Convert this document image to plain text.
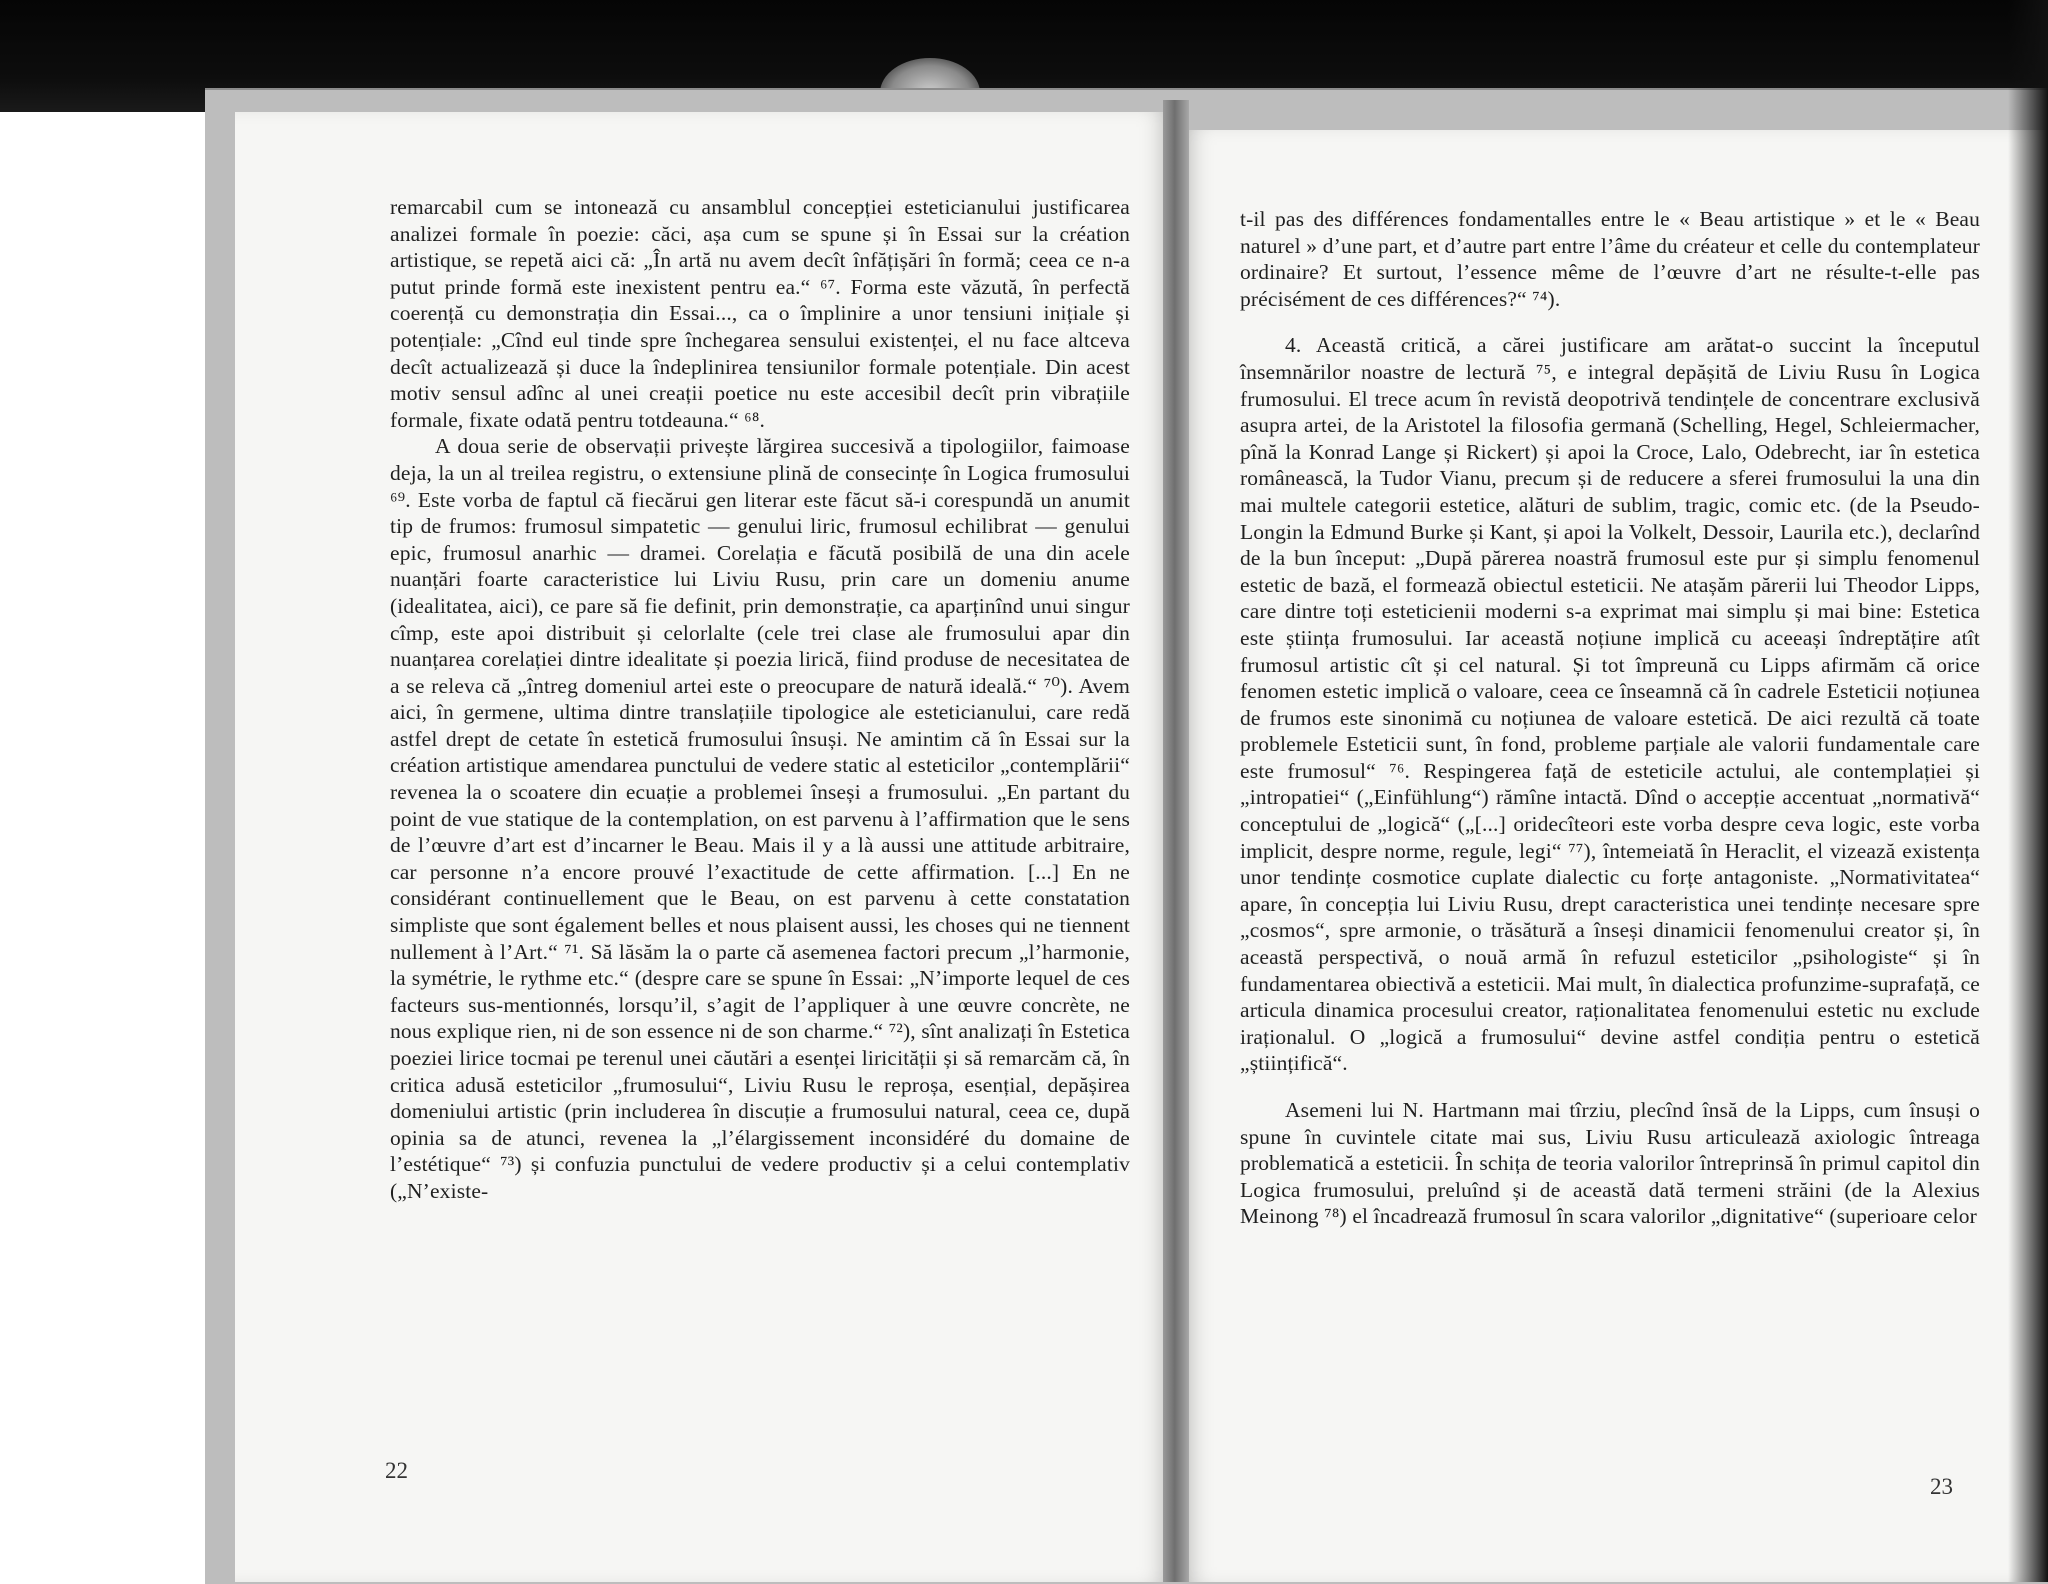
remarcabil cum se intonează cu ansamblul concepției esteticianului justificarea analizei formale în poezie: căci, așa cum se spune și în Essai sur la création artistique, se repetă aici că: „În artă nu avem decît înfățișări în formă; ceea ce n-a putut prinde formă este inexistent pentru ea.“ ⁶⁷. Forma este văzută, în perfectă coerență cu demonstrația din Essai..., ca o împlinire a unor tensiuni inițiale și potențiale: „Cînd eul tinde spre închegarea sensului existenței, el nu face altceva decît actualizează și duce la îndeplinirea tensiunilor formale potențiale. Din acest motiv sensul adînc al unei creații poetice nu este accesibil decît prin vibrațiile formale, fixate odată pentru totdeauna.“ ⁶⁸.

A doua serie de observații privește lărgirea succesivă a tipologiilor, faimoase deja, la un al treilea registru, o extensiune plină de consecințe în Logica frumosului ⁶⁹. Este vorba de faptul că fiecărui gen literar este făcut să-i corespundă un anumit tip de frumos: frumosul simpatetic — genului liric, frumosul echilibrat — genului epic, frumosul anarhic — dramei. Corelația e făcută posibilă de una din acele nuanțări foarte caracteristice lui Liviu Rusu, prin care un domeniu anume (idealitatea, aici), ce pare să fie definit, prin demonstrație, ca aparținînd unui singur cîmp, este apoi distribuit și celorlalte (cele trei clase ale frumosului apar din nuanțarea corelației dintre idealitate și poezia lirică, fiind produse de necesitatea de a se releva că „întreg domeniul artei este o preocupare de natură ideală.“ ⁷⁰). Avem aici, în germene, ultima dintre translațiile tipologice ale esteticianului, care redă astfel drept de cetate în estetică frumosului însuși. Ne amintim că în Essai sur la création artistique amendarea punctului de vedere static al esteticilor „contemplării“ revenea la o scoatere din ecuație a problemei înseși a frumosului. „En partant du point de vue statique de la contemplation, on est parvenu à l’affirmation que le sens de l’œuvre d’art est d’incarner le Beau. Mais il y a là aussi une attitude arbitraire, car personne n’a encore prouvé l’exactitude de cette affirmation. [...] En ne considérant continuellement que le Beau, on est parvenu à cette constatation simpliste que sont également belles et nous plaisent aussi, les choses qui ne tiennent nullement à l’Art.“ ⁷¹. Să lăsăm la o parte că asemenea factori precum „l’harmonie, la symétrie, le rythme etc.“ (despre care se spune în Essai: „N’importe lequel de ces facteurs sus-mentionnés, lorsqu’il, s’agit de l’appliquer à une œuvre concrète, ne nous explique rien, ni de son essence ni de son charme.“ ⁷²), sînt analizați în Estetica poeziei lirice tocmai pe terenul unei căutări a esenței liricității și să remarcăm că, în critica adusă esteticilor „frumosului“, Liviu Rusu le reproșa, esențial, depășirea domeniului artistic (prin includerea în discuție a frumosului natural, ceea ce, după opinia sa de atunci, revenea la „l’élargissement inconsidéré du domaine de l’estétique“ ⁷³) și confuzia punctului de vedere productiv și a celui contemplativ („N’existe-

t-il pas des différences fondamentalles entre le « Beau artistique » et le « Beau naturel » d’une part, et d’autre part entre l’âme du créateur et celle du contemplateur ordinaire? Et surtout, l’essence même de l’œuvre d’art ne résulte-t-elle pas précisément de ces différences?“ ⁷⁴).

4. Această critică, a cărei justificare am arătat-o succint la începutul însemnărilor noastre de lectură ⁷⁵, e integral depășită de Liviu Rusu în Logica frumosului. El trece acum în revistă deopotrivă tendințele de concentrare exclusivă asupra artei, de la Aristotel la filosofia germană (Schelling, Hegel, Schleiermacher, pînă la Konrad Lange și Rickert) și apoi la Croce, Lalo, Odebrecht, iar în estetica românească, la Tudor Vianu, precum și de reducere a sferei frumosului la una din mai multele categorii estetice, alături de sublim, tragic, comic etc. (de la Pseudo-Longin la Edmund Burke și Kant, și apoi la Volkelt, Dessoir, Laurila etc.), declarînd de la bun început: „După părerea noastră frumosul este pur și simplu fenomenul estetic de bază, el formează obiectul esteticii. Ne atașăm părerii lui Theodor Lipps, care dintre toți esteticienii moderni s-a exprimat mai simplu și mai bine: Estetica este știința frumosului. Iar această noțiune implică cu aceeași îndreptățire atît frumosul artistic cît și cel natural. Și tot împreună cu Lipps afirmăm că orice fenomen estetic implică o valoare, ceea ce înseamnă că în cadrele Esteticii noțiunea de frumos este sinonimă cu noțiunea de valoare estetică. De aici rezultă că toate problemele Esteticii sunt, în fond, probleme parțiale ale valorii fundamentale care este frumosul“ ⁷⁶. Respingerea față de esteticile actului, ale contemplației și „intropatiei“ („Einfühlung“) rămîne intactă. Dînd o accepție accentuat „normativă“ conceptului de „logică“ („[...] oridecîteori este vorba despre ceva logic, este vorba implicit, despre norme, regule, legi“ ⁷⁷), întemeiată în Heraclit, el vizează existența unor tendințe cosmotice cuplate dialectic cu forțe antagoniste. „Normativitatea“ apare, în concepția lui Liviu Rusu, drept caracteristica unei tendințe necesare spre „cosmos“, spre armonie, o trăsătură a înseși dinamicii fenomenului creator și, în această perspectivă, o nouă armă în refuzul esteticilor „psihologiste“ și în fundamentarea obiectivă a esteticii. Mai mult, în dialectica profunzime-suprafață, ce articula dinamica procesului creator, raționalitatea fenomenului estetic nu exclude iraționalul. O „logică a frumosului“ devine astfel condiția pentru o estetică „științifică“.

Asemeni lui N. Hartmann mai tîrziu, plecînd însă de la Lipps, cum însuși o spune în cuvintele citate mai sus, Liviu Rusu articulează axiologic întreaga problematică a esteticii. În schița de teoria valorilor întreprinsă în primul capitol din Logica frumosului, preluînd și de această dată termeni străini (de la Alexius Meinong ⁷⁸) el încadrează frumosul în scara valorilor „dignitative“ (superioare celor

22
23
